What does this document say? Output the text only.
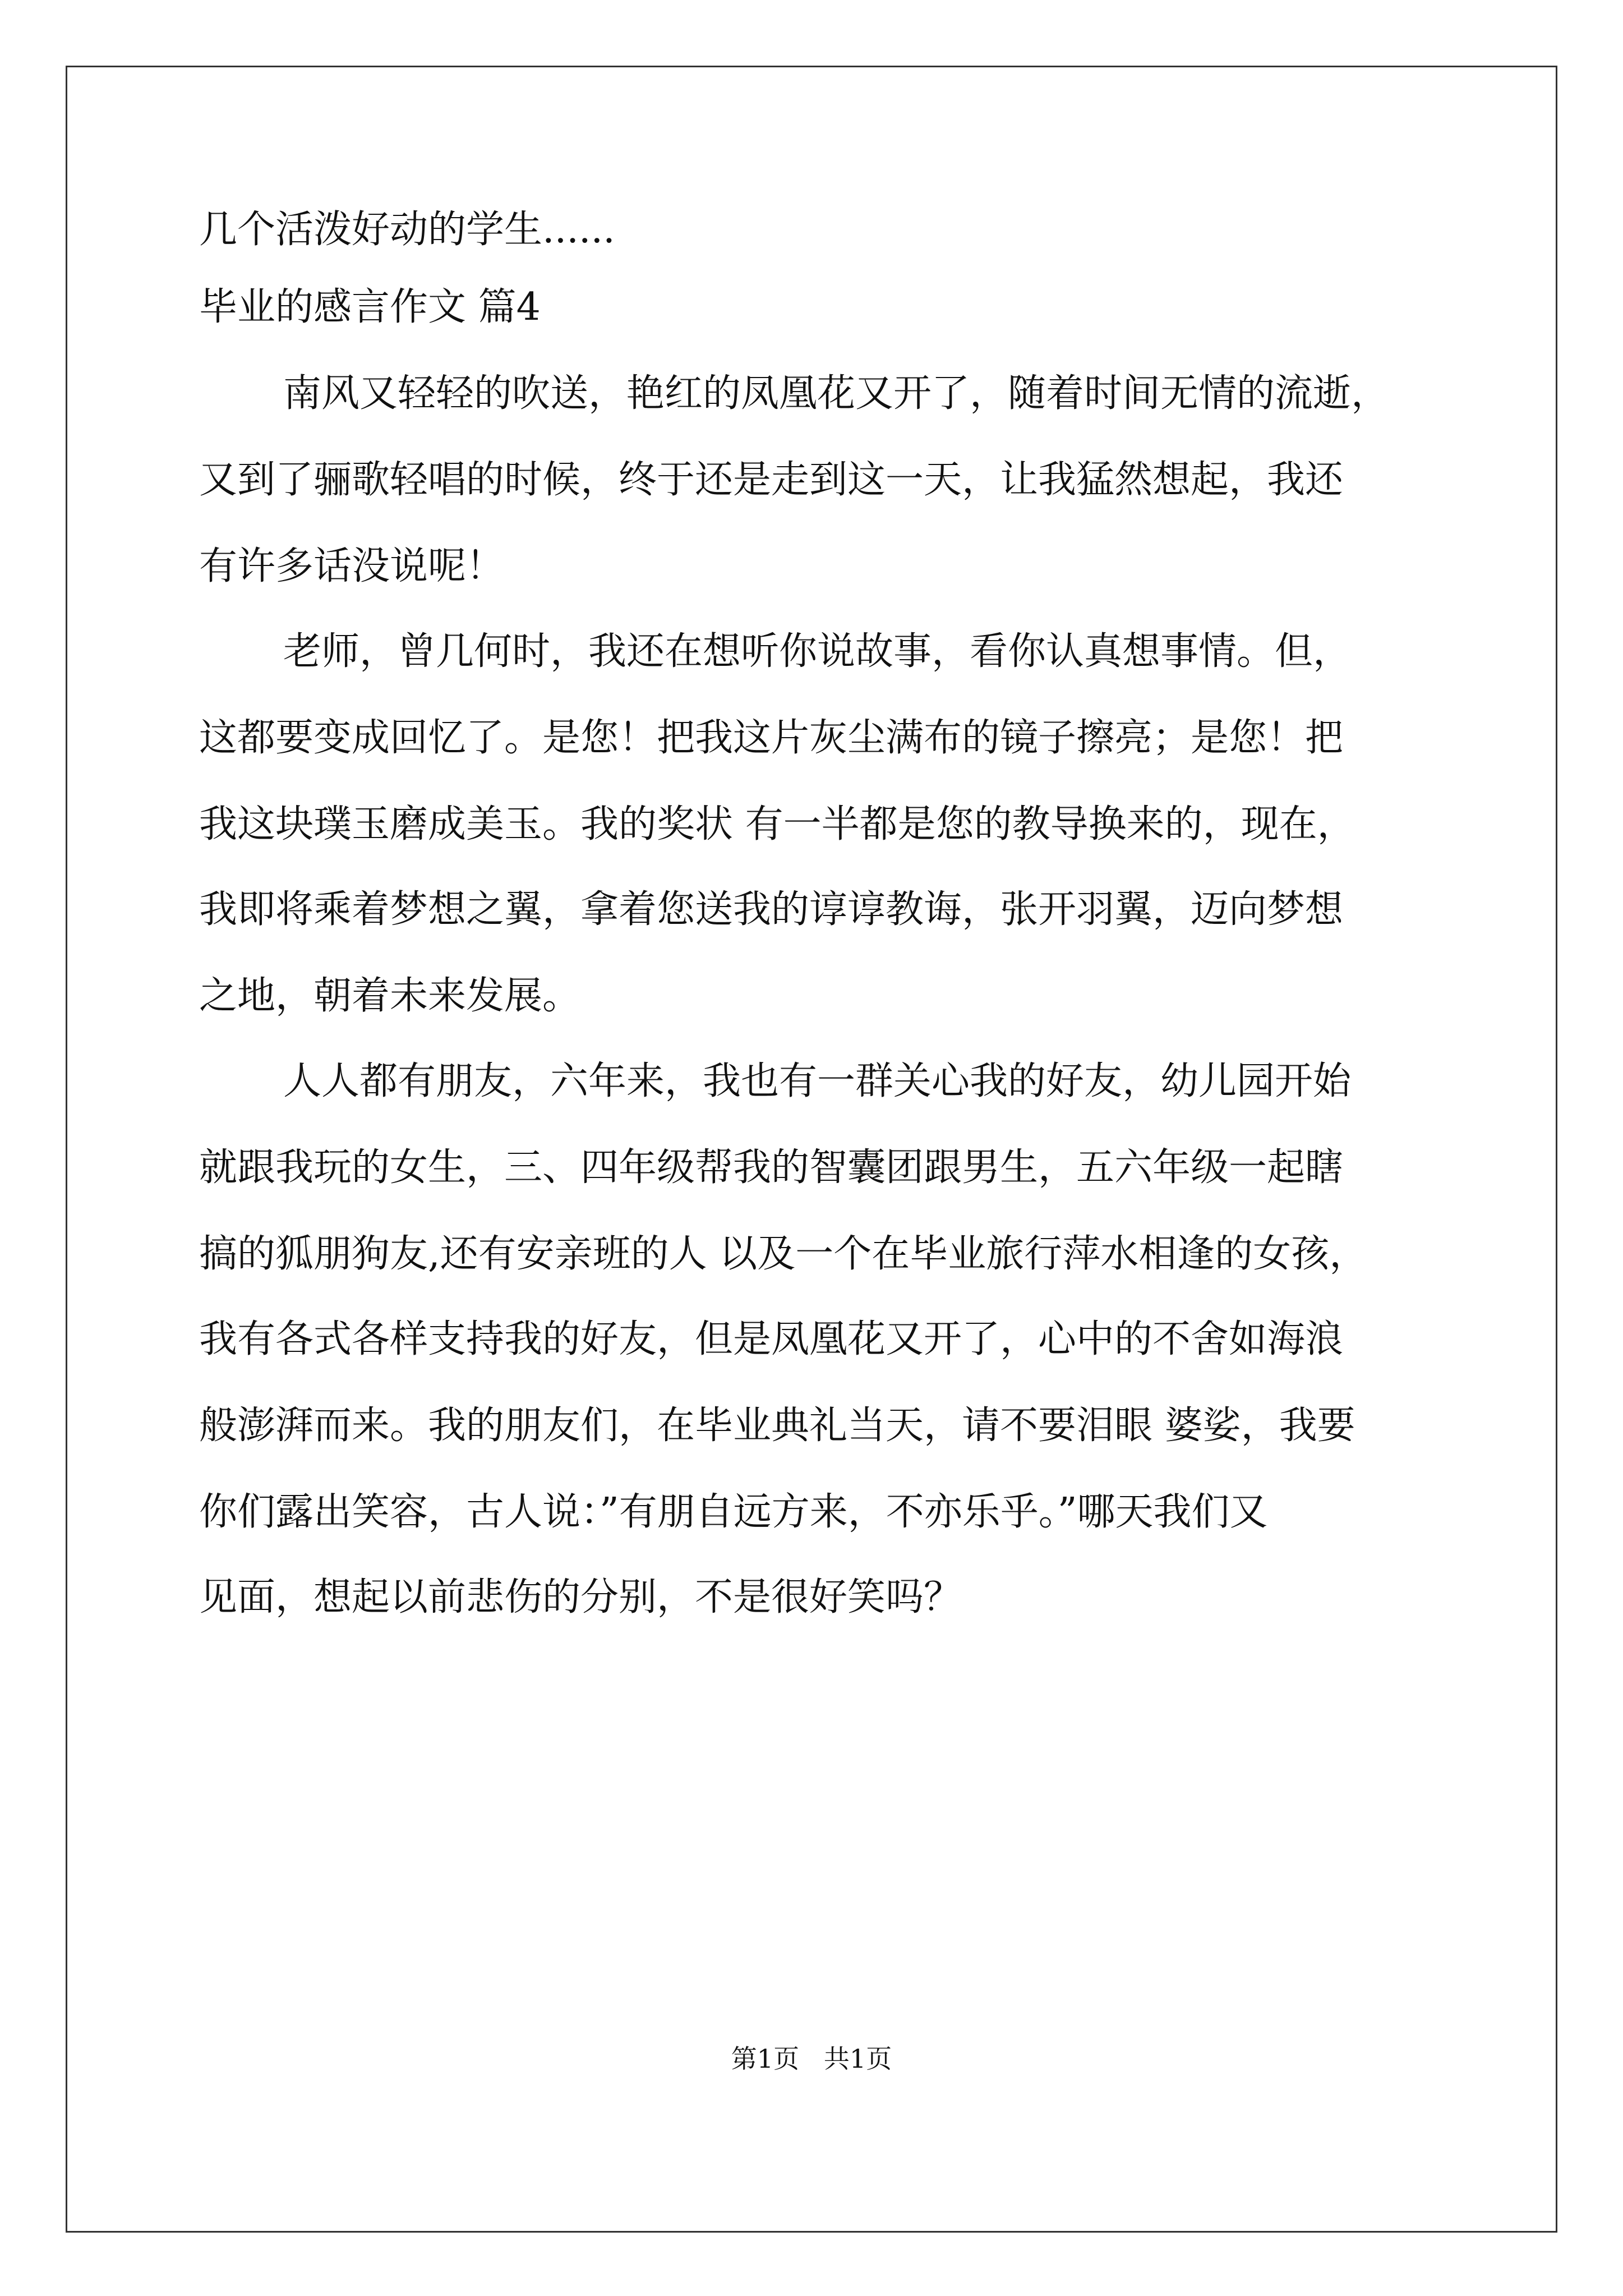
几个活泼好动的学生......
毕业的感言作文 篇4
南风又轻轻的吹送，艳红的凤凰花又开了，随着时间无情的流逝，
又到了骊歌轻唱的时候，终于还是走到这一天，让我猛然想起，我还
有许多话没说呢！
老师，曾几何时，我还在想听你说故事，看你认真想事情。但，
这都要变成回忆了。是您！把我这片灰尘满布的镜子擦亮；是您！把
我这块璞玉磨成美玉。我的奖状 有一半都是您的教导换来的，现在，
我即将乘着梦想之翼，拿着您送我的谆谆教诲，张开羽翼，迈向梦想
之地，朝着未来发展。
人人都有朋友，六年来，我也有一群关心我的好友，幼儿园开始
就跟我玩的女生，三、四年级帮我的智囊团跟男生，五六年级一起瞎
搞的狐朋狗友,还有安亲班的人 以及一个在毕业旅行萍水相逢的女孩，
我有各式各样支持我的好友，但是凤凰花又开了，心中的不舍如海浪
般澎湃而来。我的朋友们，在毕业典礼当天，请不要泪眼 婆娑，我要
你们露出笑容，古人说：”有朋自远方来，不亦乐乎。”哪天我们又
见面，想起以前悲伤的分别，不是很好笑吗？
第1页   共1页
